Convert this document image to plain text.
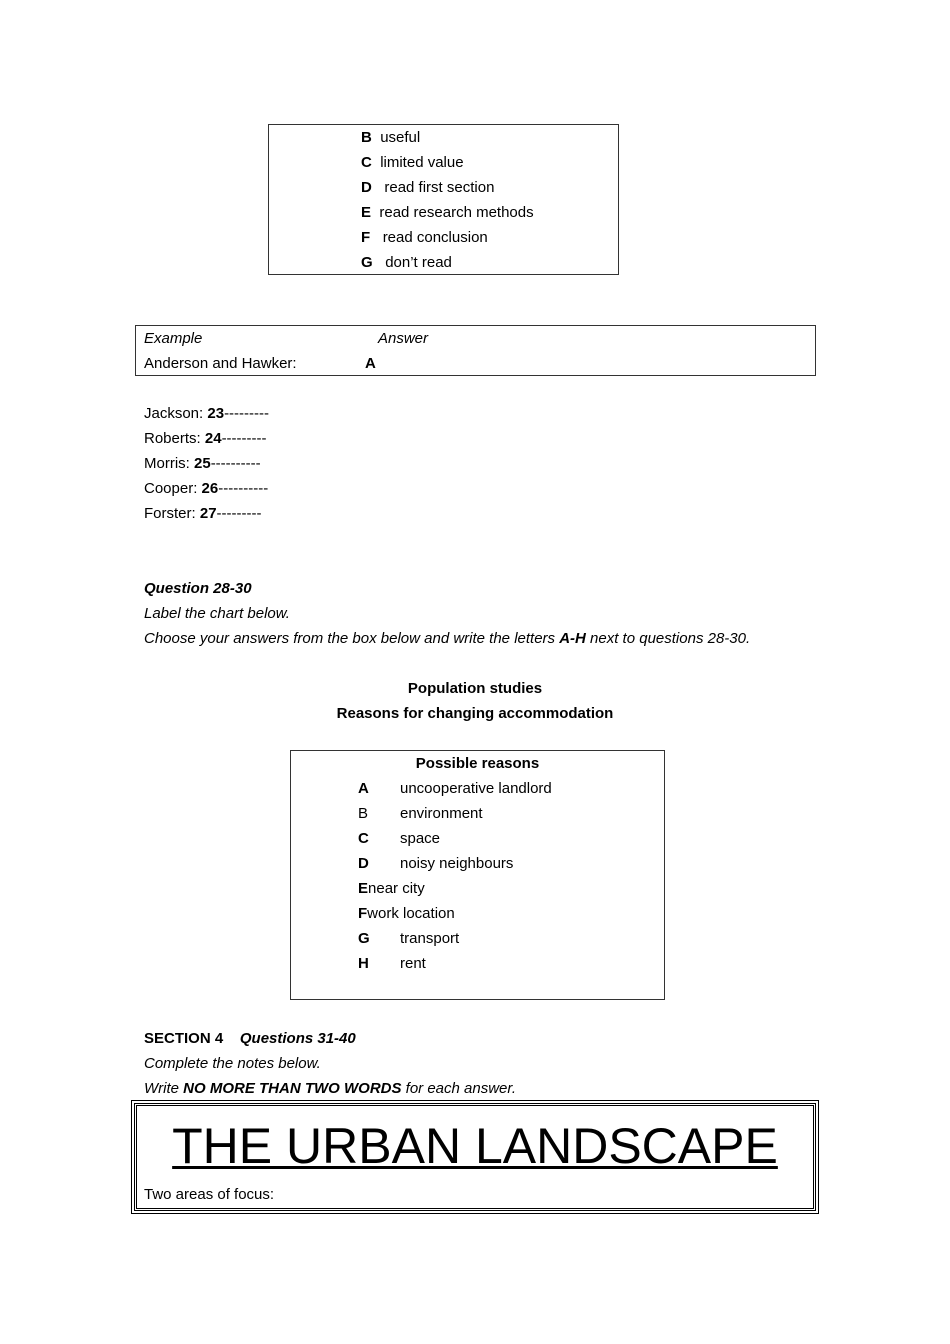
B useful
C limited value
D read first section
E read research methods
F read conclusion
G don’t read
Example	Answer
Anderson and Hawker:	A
Jackson: 23---------
Roberts: 24---------
Morris: 25----------
Cooper: 26----------
Forster: 27---------
Question 28-30
Label the chart below.
Choose your answers from the box below and write the letters A-H next to questions 28-30.
Population studies
Reasons for changing accommodation
Possible reasons
A uncooperative landlord
B environment
C space
D noisy neighbours
Enear city
Fwork location
G transport
H rent
SECTION 4 Questions 31-40
Complete the notes below.
Write NO MORE THAN TWO WORDS for each answer.
THE URBAN LANDSCAPE
Two areas of focus:
